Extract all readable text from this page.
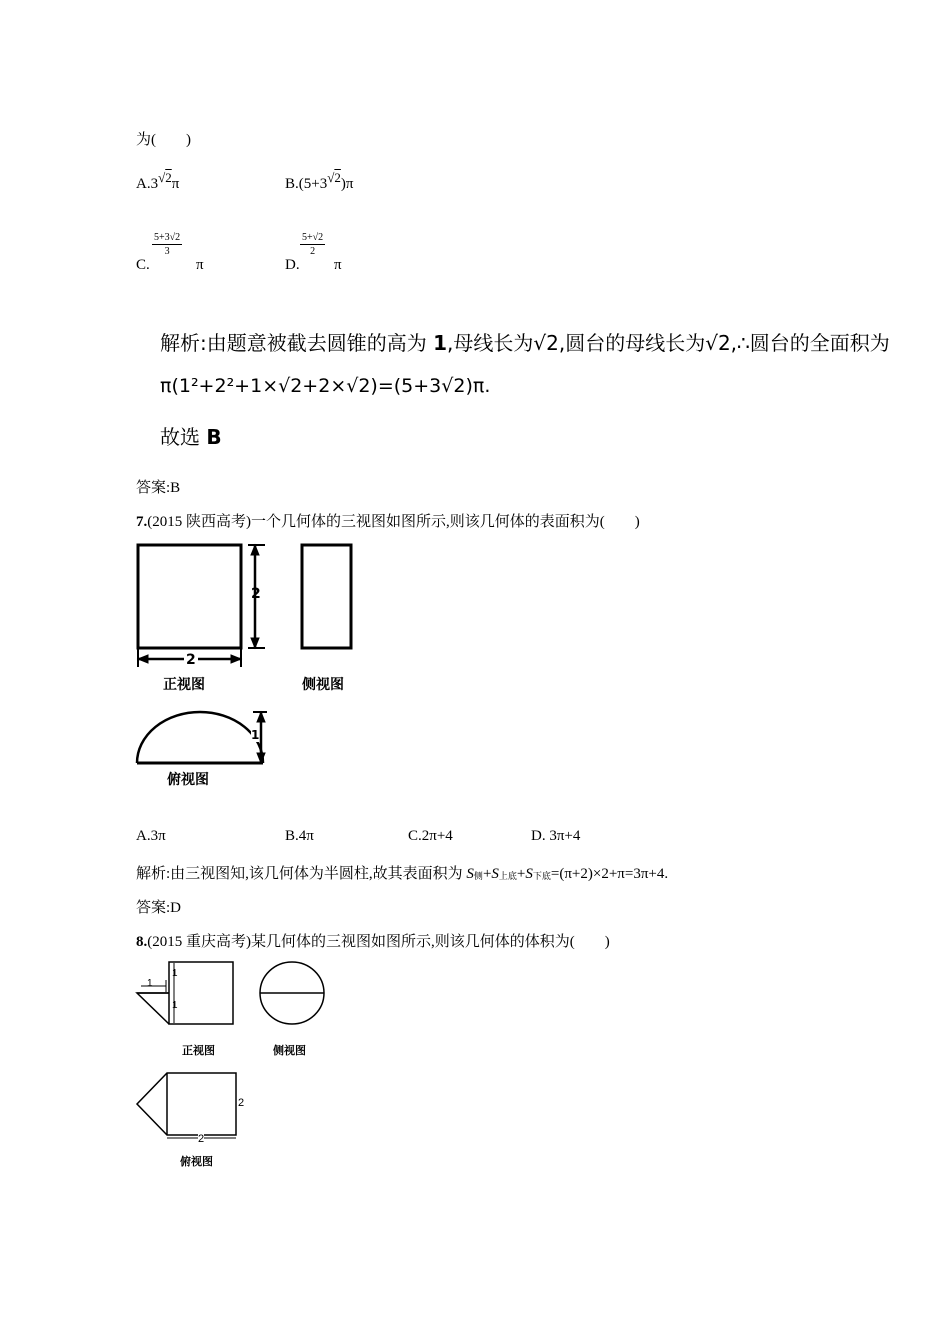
为(　　)
$A.3^{√2}\pi$	$B.(5+3^{√2})\pi$
C.
$\frac{5+3√2}{3}$
π	D.
$\frac{5+√2}{2}$
π
解析:由题意被截去圆锥的高为 1,母线长为√2,圆台的母线长为√2,∴圆台的全面积为
π(1²+2²+1×√2+2×√2)=(5+3√2)π.
故选 B
答案:B
7.(2015 陕西高考)一个几何体的三视图如图所示,则该几何体的表面积为(　　)
2
2
1
正视图	侧视图
俯视图
A.3π	B.4π	C.2π+4	D. 3π+4
解析:由三视图知,该几何体为半圆柱,故其表面积为 $S_侧+S_{上底}+S_{下底}=(\pi+2)\times 2+\pi=3\pi+4$.
答案:D
8.(2015 重庆高考)某几何体的三视图如图所示,则该几何体的体积为(　　)
1
1
1
2
2
正视图	侧视图
俯视图
